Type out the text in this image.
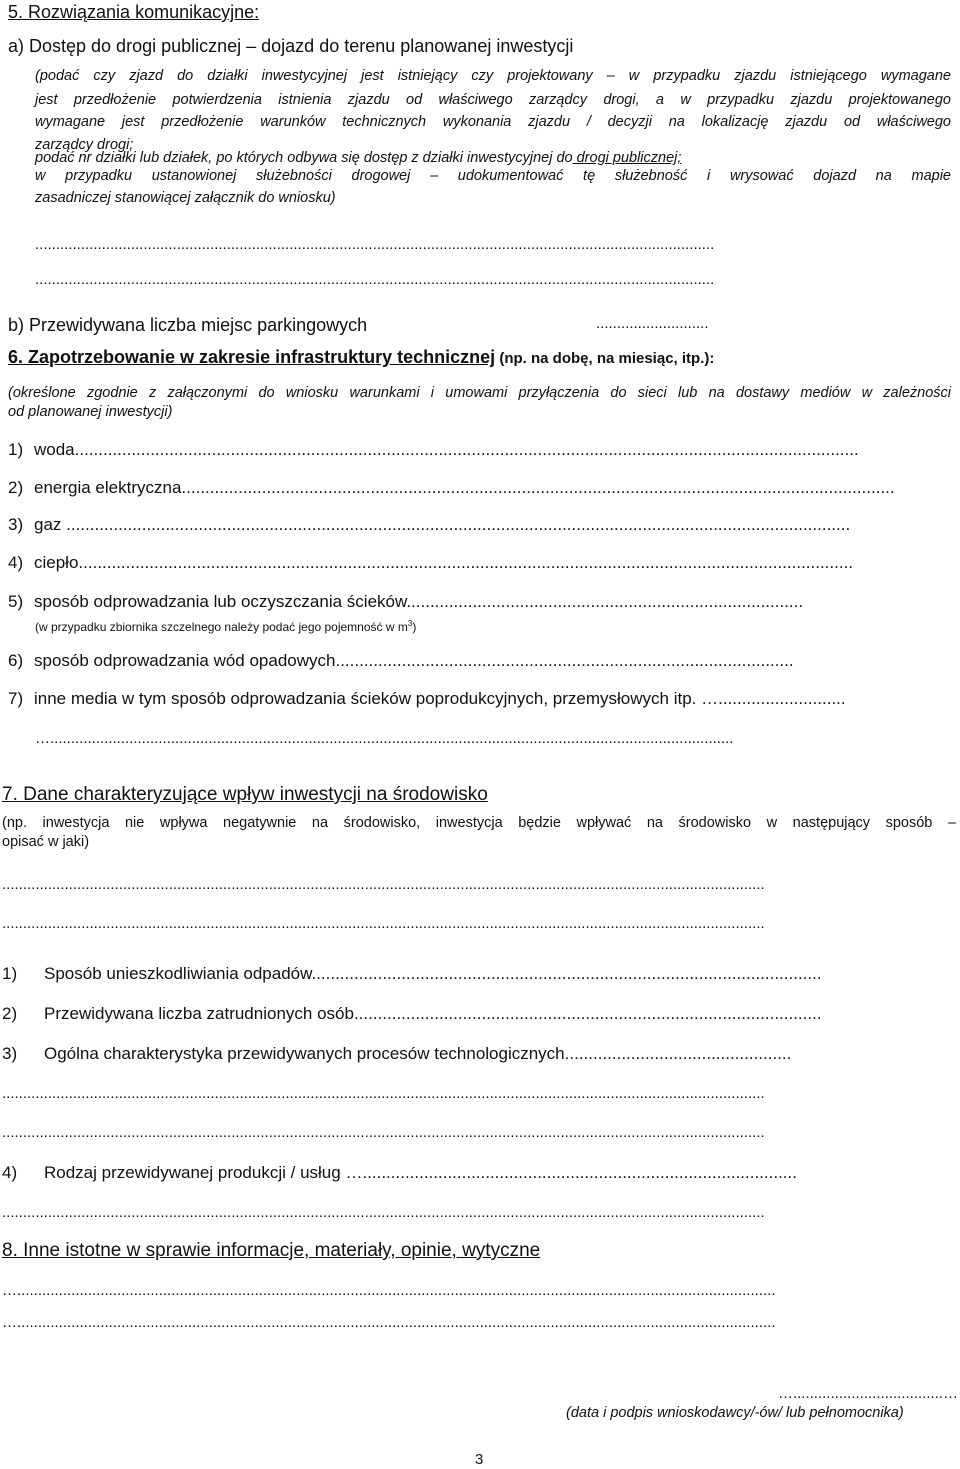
5. Rozwiązania komunikacyjne:
a) Dostęp do drogi publicznej – dojazd do terenu planowanej inwestycji
(podać czy zjazd do działki inwestycyjnej jest istniejący czy projektowany – w przypadku zjazdu istniejącego wymagane
jest przedłożenie potwierdzenia istnienia zjazdu od właściwego zarządcy drogi, a w przypadku zjazdu projektowanego
wymagane jest przedłożenie warunków technicznych wykonania zjazdu / decyzji na lokalizację zjazdu od właściwego
zarządcy drogi;
podać nr działki lub działek, po których odbywa się dostęp z działki inwestycyjnej do drogi publicznej;
w przypadku ustanowionej służebności drogowej – udokumentować tę służebność i wrysować dojazd na mapie
zasadniczej stanowiącej załącznik do wniosku)
...................................................................................................................................................................
...................................................................................................................................................................
b) Przewidywana liczba miejsc parkingowych	...........................
6. Zapotrzebowanie w zakresie infrastruktury technicznej (np. na dobę, na miesiąc, itp.):
(określone zgodnie z załączonymi do wniosku warunkami i umowami przyłączenia do sieci lub na dostawy mediów w zależności
od planowanej inwestycji)
1) woda......................................................................................................................................................................
2) energia elektryczna.......................................................................................................................................................
3) gaz ......................................................................................................................................................................
4) ciepło....................................................................................................................................................................
5) sposób odprowadzania lub oczyszczania ścieków....................................................................................
(w przypadku zbiornika szczelnego należy podać jego pojemność w $m^3$)
6) sposób odprowadzania wód opadowych.................................................................................................
7) inne media w tym sposób odprowadzania ścieków poprodukcyjnych, przemysłowych itp. …...........................
…....................................................................................................................................................................
7. Dane charakteryzujące wpływ inwestycji na środowisko
(np. inwestycja nie wpływa negatywnie na środowisko, inwestycja będzie wpływać na środowisko w następujący sposób –
opisać w jaki)
.......................................................................................................................................................................................
.......................................................................................................................................................................................
1) Sposób unieszkodliwiania odpadów............................................................................................................
2) Przewidywana liczba zatrudnionych osób...................................................................................................
3) Ogólna charakterystyka przewidywanych procesów technologicznych................................................
.......................................................................................................................................................................................
.......................................................................................................................................................................................
4) Rodzaj przewidywanej produkcji / usług …............................................................................................
.......................................................................................................................................................................................
8. Inne istotne w sprawie informacje, materiały, opinie, wytyczne
…......................................................................................................................................................................................
…......................................................................................................................................................................................
…....................................…
(data i podpis wnioskodawcy/-ów/ lub pełnomocnika)
3
